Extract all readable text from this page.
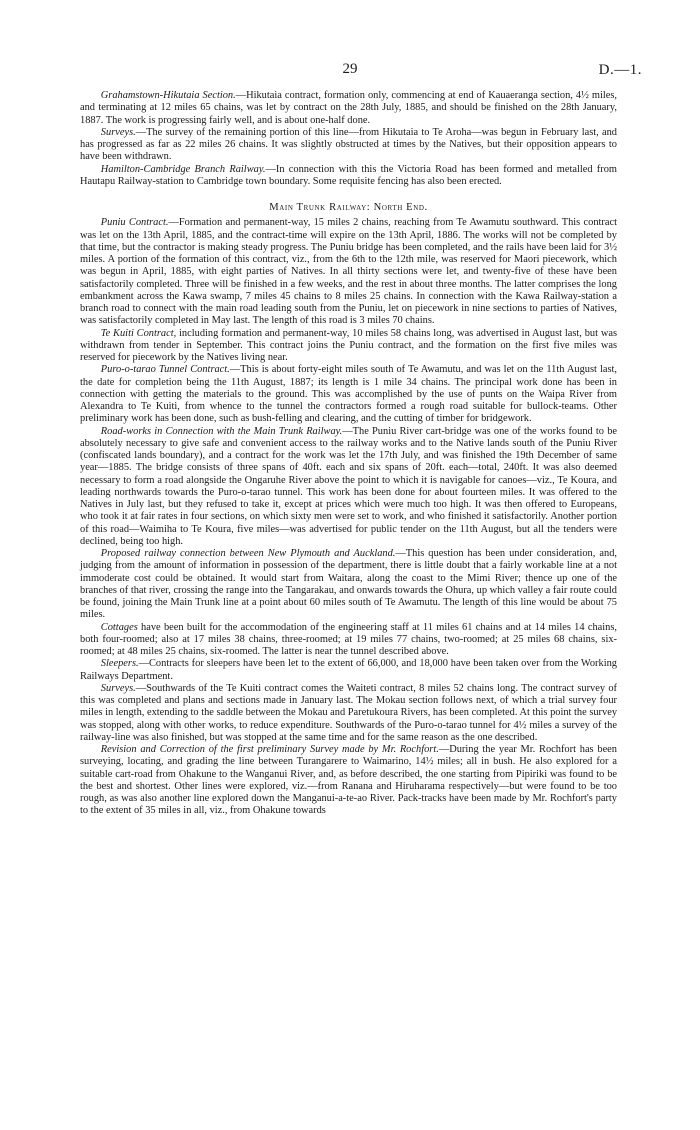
29	D.—1.

Grahamstown-Hikutaia Section.—Hikutaia contract, formation only, commencing at end of Kauaeranga section, 4½ miles, and terminating at 12 miles 65 chains, was let by contract on the 28th July, 1885, and should be finished on the 28th January, 1887. The work is progressing fairly well, and is about one-half done.

Surveys.—The survey of the remaining portion of this line—from Hikutaia to Te Aroha—was begun in February last, and has progressed as far as 22 miles 26 chains. It was slightly obstructed at times by the Natives, but their opposition appears to have been withdrawn.

Hamilton-Cambridge Branch Railway.—In connection with this the Victoria Road has been formed and metalled from Hautapu Railway-station to Cambridge town boundary. Some requisite fencing has also been erected.

Main Trunk Railway: North End.

Puniu Contract.—Formation and permanent-way, 15 miles 2 chains, reaching from Te Awamutu southward. This contract was let on the 13th April, 1885, and the contract-time will expire on the 13th April, 1886. The works will not be completed by that time, but the contractor is making steady progress. The Puniu bridge has been completed, and the rails have been laid for 3½ miles. A portion of the formation of this contract, viz., from the 6th to the 12th mile, was reserved for Maori piecework, which was begun in April, 1885, with eight parties of Natives. In all thirty sections were let, and twenty-five of these have been satisfactorily completed. Three will be finished in a few weeks, and the rest in about three months. The latter comprises the long embankment across the Kawa swamp, 7 miles 45 chains to 8 miles 25 chains. In connection with the Kawa Railway-station a branch road to connect with the main road leading south from the Puniu, let on piecework in nine sections to parties of Natives, was satisfactorily completed in May last. The length of this road is 3 miles 70 chains.

Te Kuiti Contract, including formation and permanent-way, 10 miles 58 chains long, was advertised in August last, but was withdrawn from tender in September. This contract joins the Puniu contract, and the formation on the first five miles was reserved for piecework by the Natives living near.

Puro-o-tarao Tunnel Contract.—This is about forty-eight miles south of Te Awamutu, and was let on the 11th August last, the date for completion being the 11th August, 1887; its length is 1 mile 34 chains. The principal work done has been in connection with getting the materials to the ground. This was accomplished by the use of punts on the Waipa River from Alexandra to Te Kuiti, from whence to the tunnel the contractors formed a rough road suitable for bullock-teams. Other preliminary work has been done, such as bush-felling and clearing, and the cutting of timber for bridgework.

Road-works in Connection with the Main Trunk Railway.—The Puniu River cart-bridge was one of the works found to be absolutely necessary to give safe and convenient access to the railway works and to the Native lands south of the Puniu River (confiscated lands boundary), and a contract for the work was let the 17th July, and was finished the 19th December of same year—1885. The bridge consists of three spans of 40ft. each and six spans of 20ft. each—total, 240ft. It was also deemed necessary to form a road alongside the Ongaruhe River above the point to which it is navigable for canoes—viz., Te Koura, and leading northwards towards the Puro-o-tarao tunnel. This work has been done for about fourteen miles. It was offered to the Natives in July last, but they refused to take it, except at prices which were much too high. It was then offered to Europeans, who took it at fair rates in four sections, on which sixty men were set to work, and who finished it satisfactorily. Another portion of this road—Waimiha to Te Koura, five miles—was advertised for public tender on the 11th August, but all the tenders were declined, being too high.

Proposed railway connection between New Plymouth and Auckland.—This question has been under consideration, and, judging from the amount of information in possession of the department, there is little doubt that a fairly workable line at a not immoderate cost could be obtained. It would start from Waitara, along the coast to the Mimi River; thence up one of the branches of that river, crossing the range into the Tangarakau, and onwards towards the Ohura, up which valley a fair route could be found, joining the Main Trunk line at a point about 60 miles south of Te Awamutu. The length of this line would be about 75 miles.

Cottages have been built for the accommodation of the engineering staff at 11 miles 61 chains and at 14 miles 14 chains, both four-roomed; also at 17 miles 38 chains, three-roomed; at 19 miles 77 chains, two-roomed; at 25 miles 68 chains, six-roomed; at 48 miles 25 chains, six-roomed. The latter is near the tunnel described above.

Sleepers.—Contracts for sleepers have been let to the extent of 66,000, and 18,000 have been taken over from the Working Railways Department.

Surveys.—Southwards of the Te Kuiti contract comes the Waiteti contract, 8 miles 52 chains long. The contract survey of this was completed and plans and sections made in January last. The Mokau section follows next, of which a trial survey four miles in length, extending to the saddle between the Mokau and Paretukoura Rivers, has been completed. At this point the survey was stopped, along with other works, to reduce expenditure. Southwards of the Puro-o-tarao tunnel for 4½ miles a survey of the railway-line was also finished, but was stopped at the same time and for the same reason as the one described.

Revision and Correction of the first preliminary Survey made by Mr. Rochfort.—During the year Mr. Rochfort has been surveying, locating, and grading the line between Turangarere to Waimarino, 14½ miles; all in bush. He also explored for a suitable cart-road from Ohakune to the Wanganui River, and, as before described, the one starting from Pipiriki was found to be the best and shortest. Other lines were explored, viz.—from Ranana and Hiruharama respectively—but were found to be too rough, as was also another line explored down the Manganui-a-te-ao River. Pack-tracks have been made by Mr. Rochfort's party to the extent of 35 miles in all, viz., from Ohakune towards
